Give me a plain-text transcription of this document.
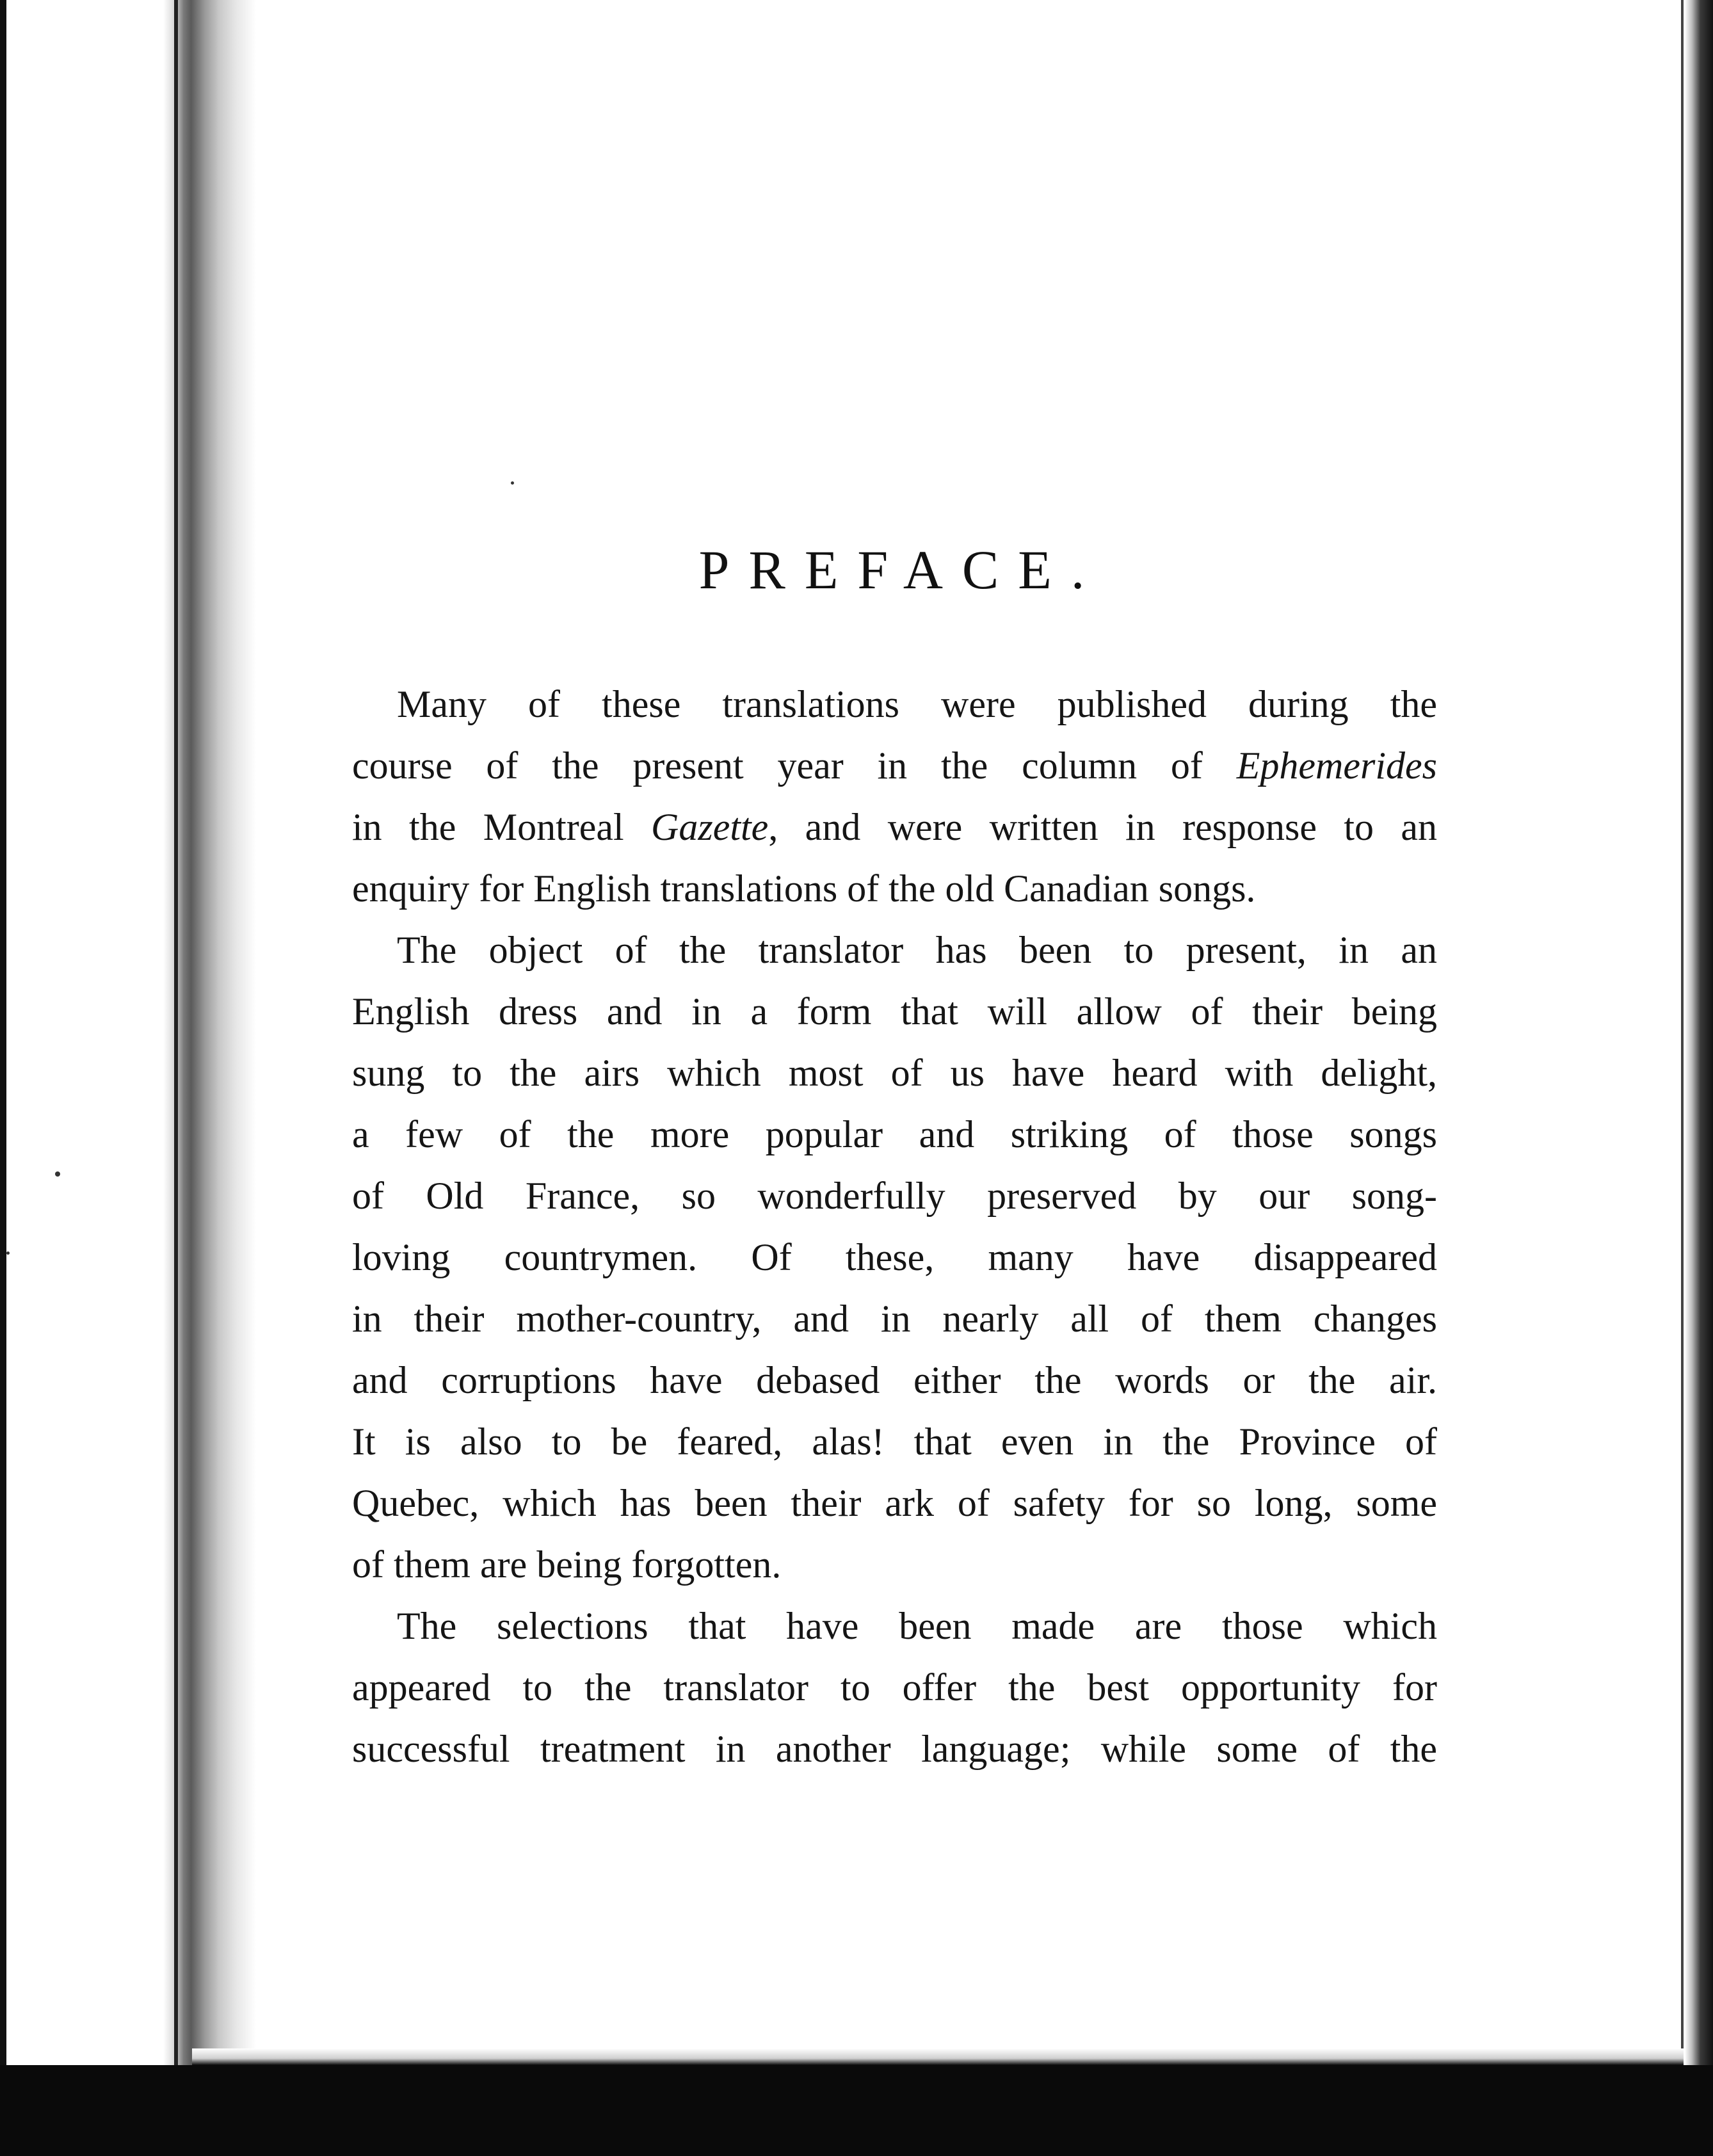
PREFACE.
Many of these translations were published during the
course of the present year in the column of Ephemerides
in the Montreal Gazette, and were written in response to an
enquiry for English translations of the old Canadian songs.
The object of the translator has been to present, in an
English dress and in a form that will allow of their being
sung to the airs which most of us have heard with delight,
a few of the more popular and striking of those songs
of Old France, so wonderfully preserved by our song-
loving countrymen. Of these, many have disappeared
in their mother-country, and in nearly all of them changes
and corruptions have debased either the words or the air.
It is also to be feared, alas! that even in the Province of
Quebec, which has been their ark of safety for so long, some
of them are being forgotten.
The selections that have been made are those which
appeared to the translator to offer the best opportunity for
successful treatment in another language; while some of the
